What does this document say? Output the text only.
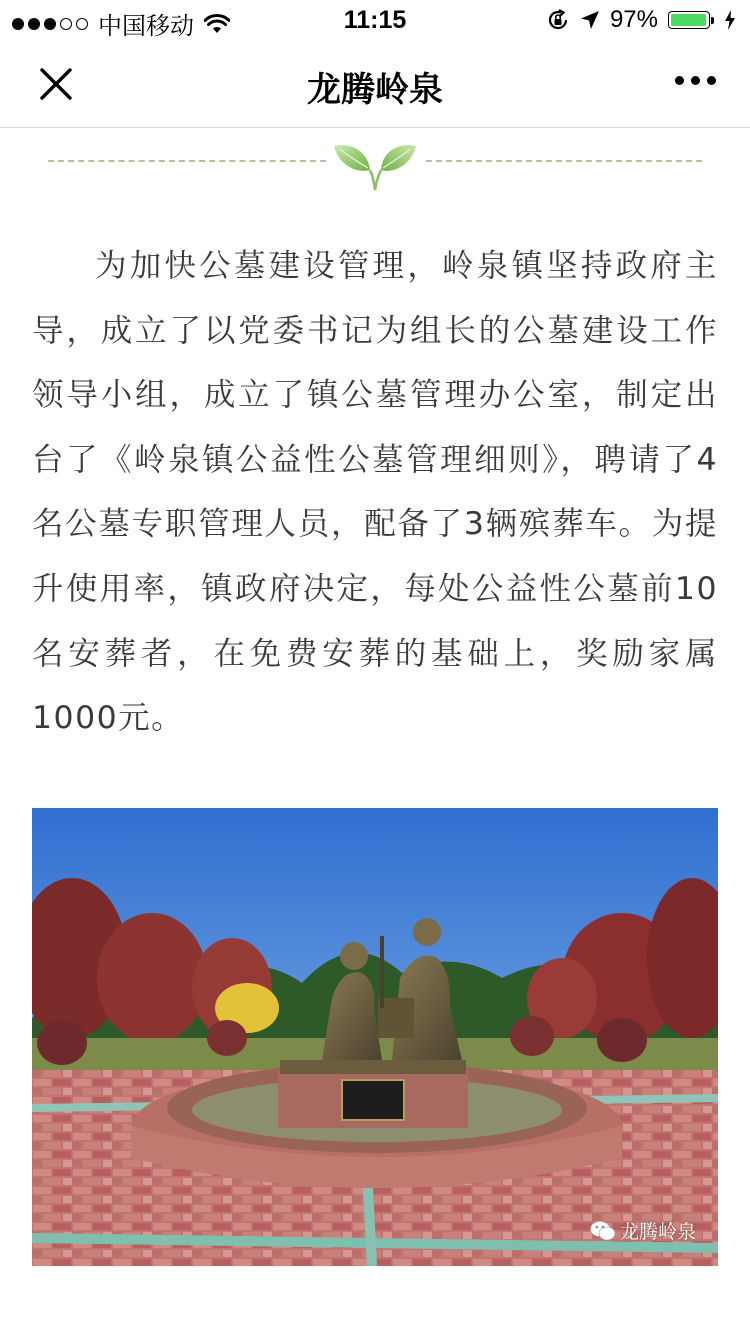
中国移动	11:15	97%
龙腾岭泉

为加快公墓建设管理，岭泉镇坚持政府主导，成立了以党委书记为组长的公墓建设工作领导小组，成立了镇公墓管理办公室，制定出台了《岭泉镇公益性公墓管理细则》，聘请了4名公墓专职管理人员，配备了3辆殡葬车。为提升使用率，镇政府决定，每处公益性公墓前10名安葬者，在免费安葬的基础上，奖励家属1000元。

龙腾岭泉
